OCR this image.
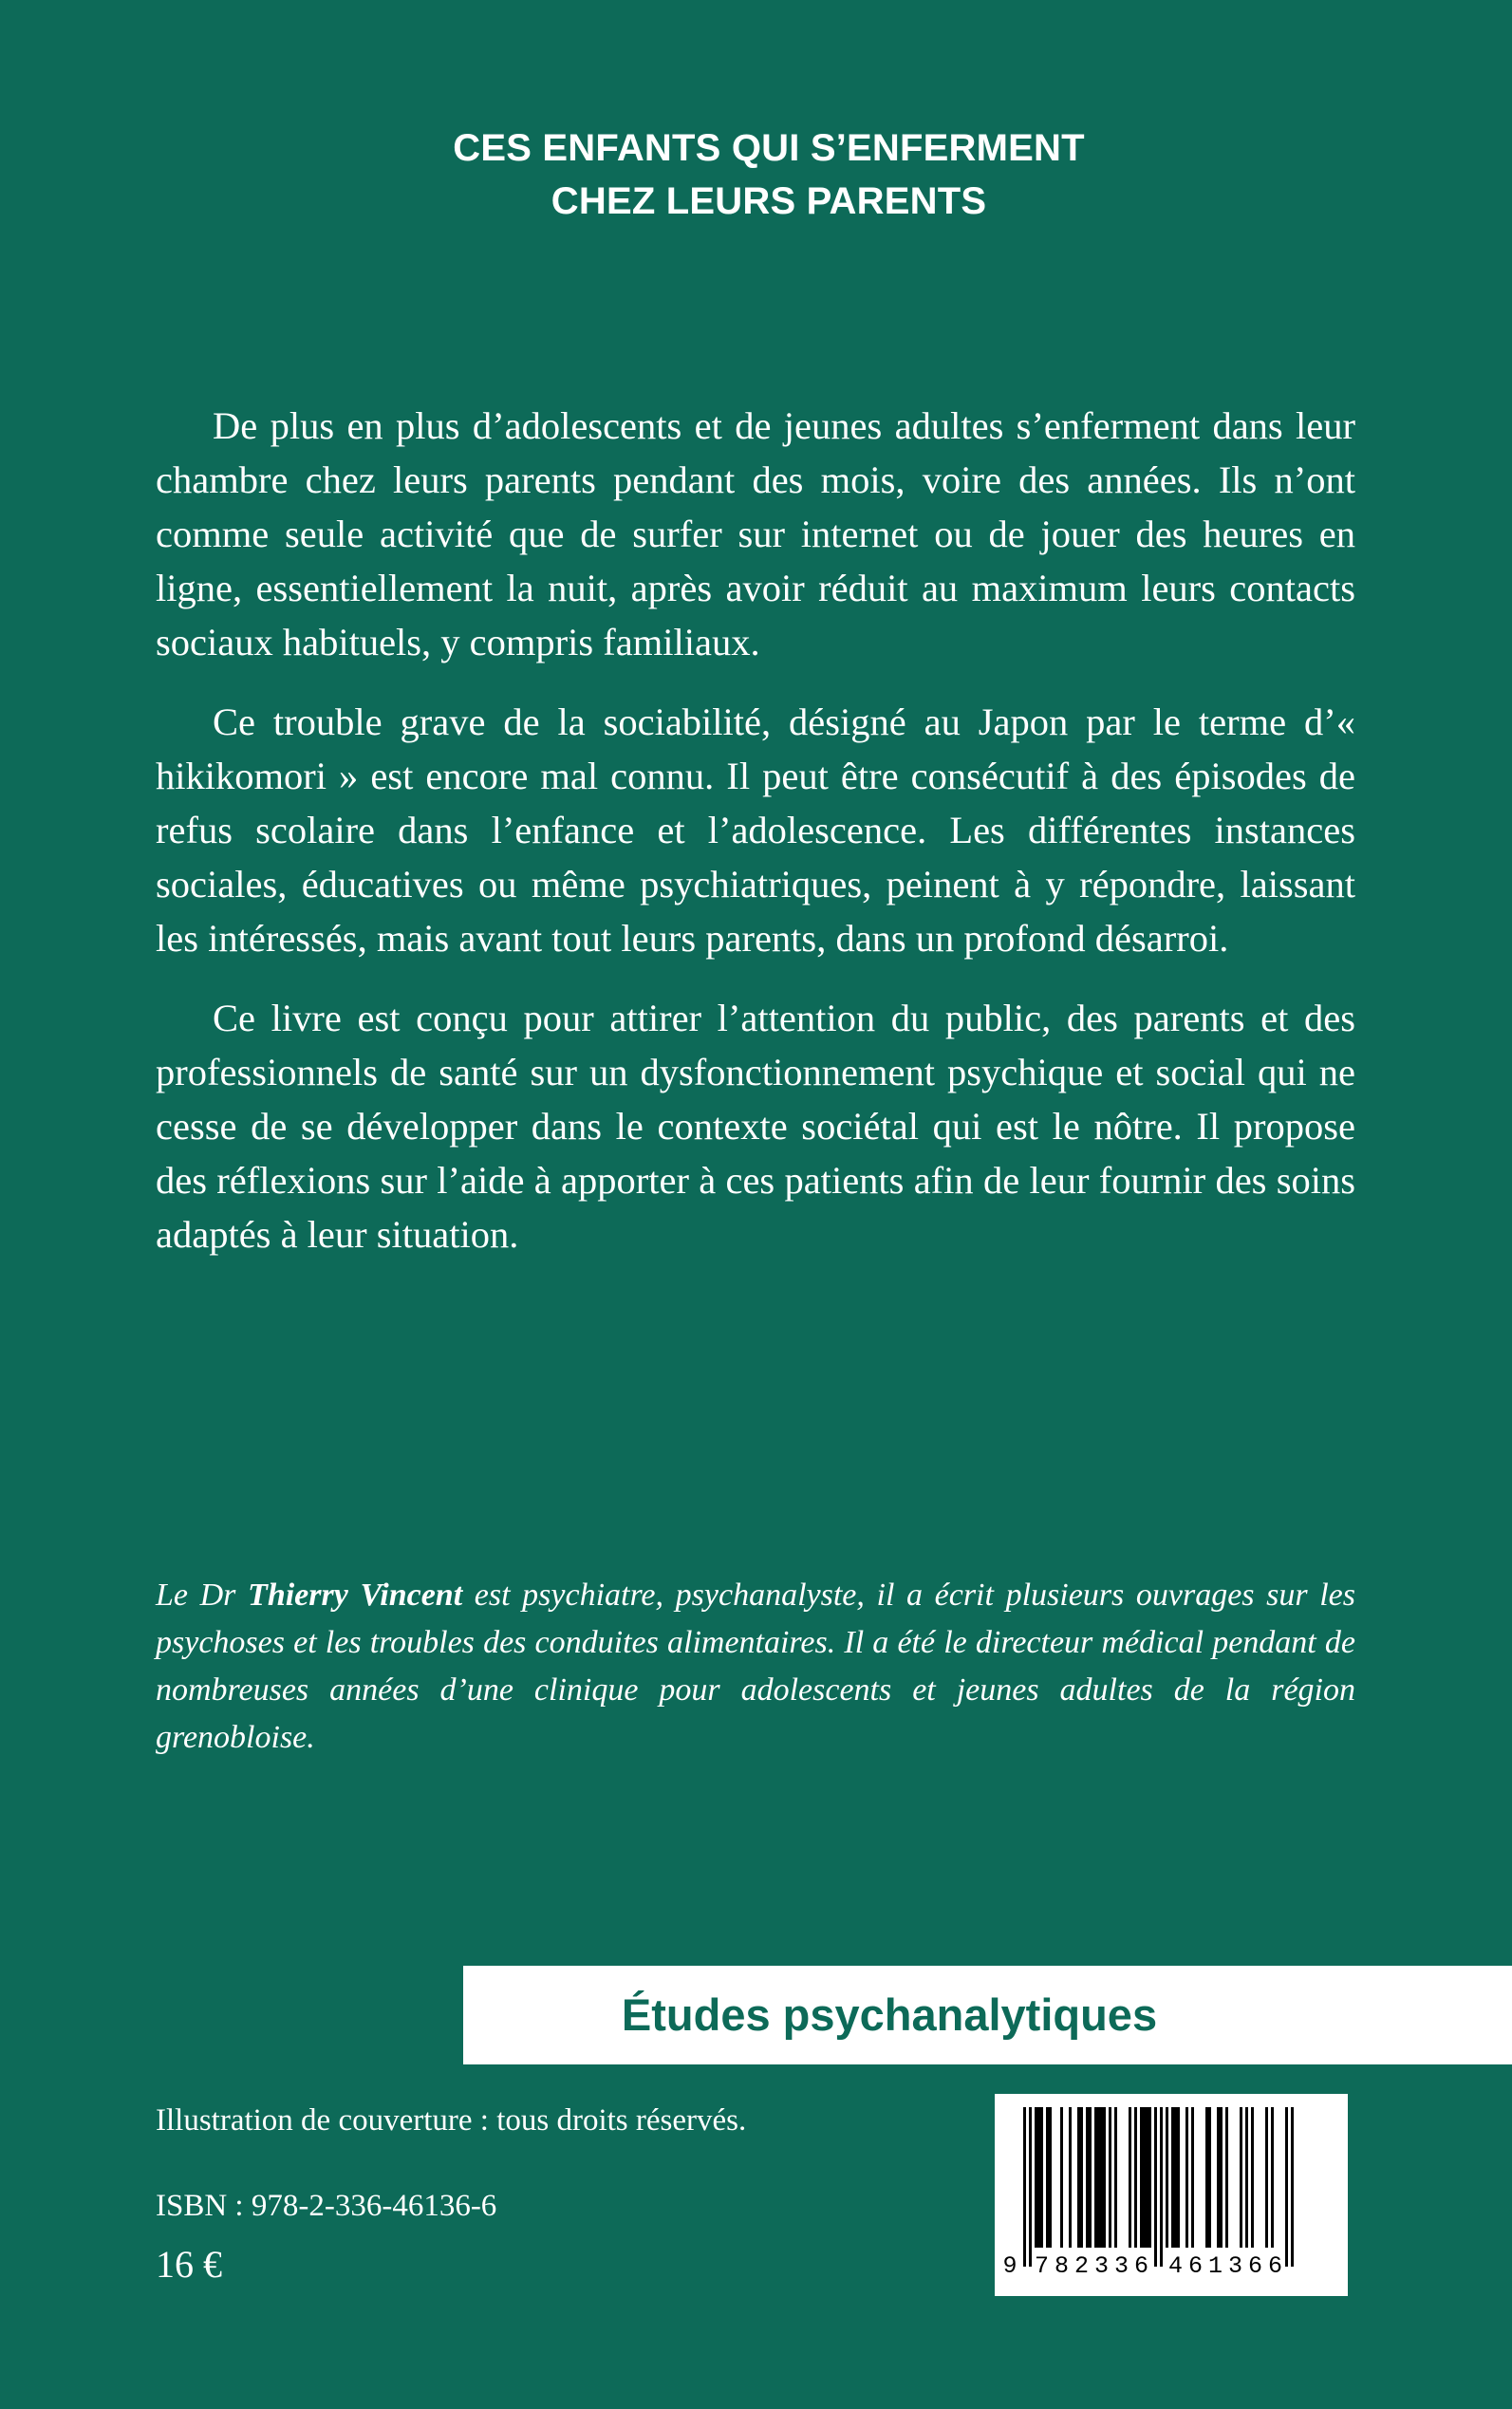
CES ENFANTS QUI S’ENFERMENT
CHEZ LEURS PARENTS

De plus en plus d’adolescents et de jeunes adultes s’enferment dans leur chambre chez leurs parents pendant des mois, voire des années. Ils n’ont comme seule activité que de surfer sur internet ou de jouer des heures en ligne, essentiellement la nuit, après avoir réduit au maximum leurs contacts sociaux habituels, y compris familiaux.

Ce trouble grave de la sociabilité, désigné au Japon par le terme d’« hikikomori » est encore mal connu. Il peut être consécutif à des épisodes de refus scolaire dans l’enfance et l’adolescence. Les différentes instances sociales, éducatives ou même psychiatriques, peinent à y répondre, laissant les intéressés, mais avant tout leurs parents, dans un profond désarroi.

Ce livre est conçu pour attirer l’attention du public, des parents et des professionnels de santé sur un dysfonctionnement psychique et social qui ne cesse de se développer dans le contexte sociétal qui est le nôtre. Il propose des réflexions sur l’aide à apporter à ces patients afin de leur fournir des soins adaptés à leur situation.

Le Dr Thierry Vincent est psychiatre, psychanalyste, il a écrit plusieurs ouvrages sur les psychoses et les troubles des conduites alimentaires. Il a été le directeur médical pendant de nombreuses années d’une clinique pour adolescents et jeunes adultes de la région grenobloise.
Études psychanalytiques
Illustration de couverture : tous droits réservés.
ISBN : 978-2-336-46136-6
16 €	9 7 8 2 3 3 6 4 6 1 3 6 6
